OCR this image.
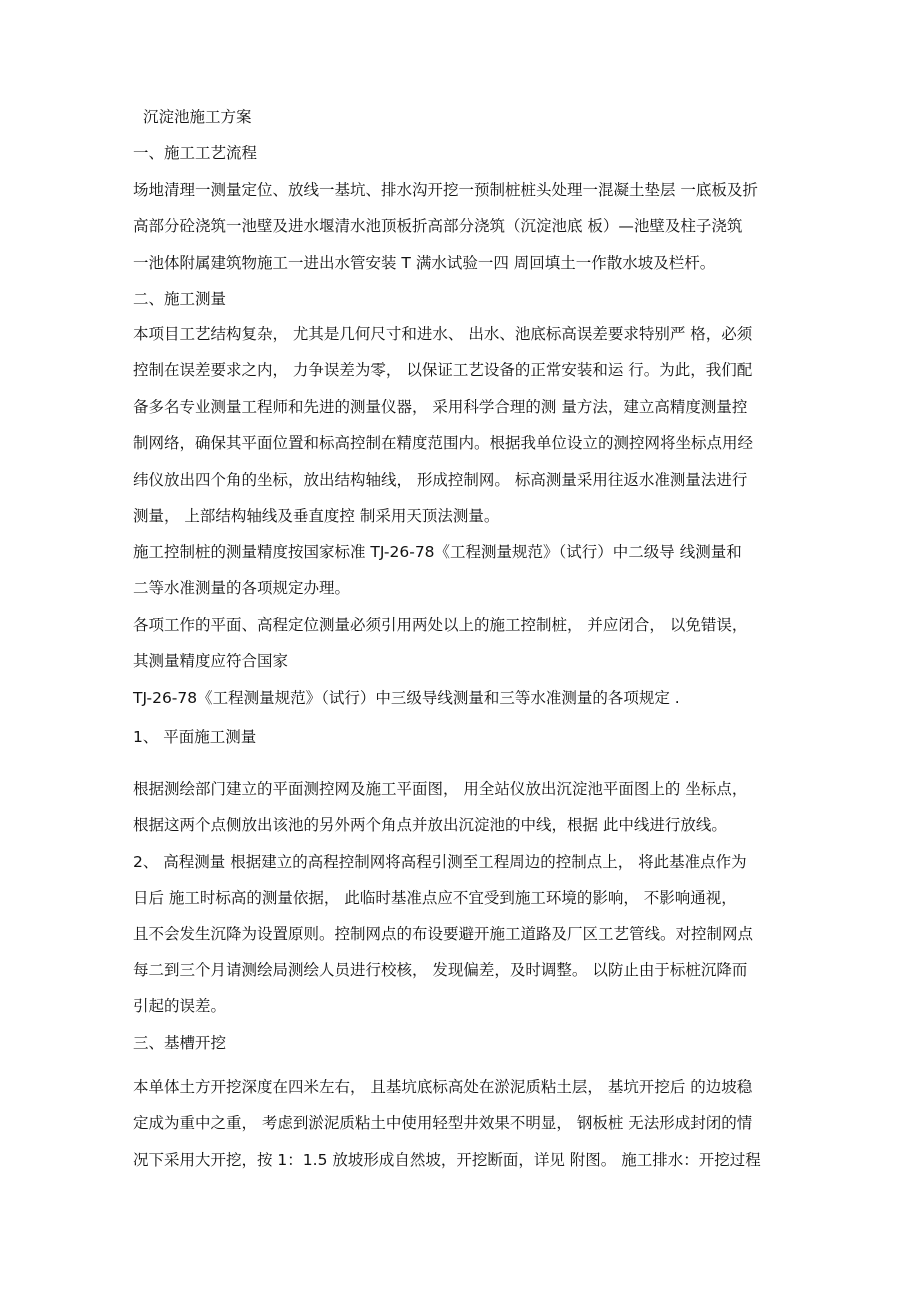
沉淀池施工方案

一、施工工艺流程

场地清理一测量定位、放线一基坑、排水沟开挖一预制桩桩头处理一混凝土垫层 一底板及折

高部分砼浇筑一池壁及进水堰清水池顶板折高部分浇筑（沉淀池底 板）—池壁及柱子浇筑

一池体附属建筑物施工一进出水管安装 T 满水试验一四 周回填土一作散水坡及栏杆。

二、施工测量

本项目工艺结构复杂， 尤其是几何尺寸和进水、 出水、池底标高误差要求特别严 格，必须

控制在误差要求之内， 力争误差为零， 以保证工艺设备的正常安装和运 行。为此，我们配

备多名专业测量工程师和先进的测量仪器， 采用科学合理的测 量方法，建立高精度测量控

制网络，确保其平面位置和标高控制在精度范围内。根据我单位设立的测控网将坐标点用经

纬仪放出四个角的坐标，放出结构轴线， 形成控制网。 标高测量采用往返水准测量法进行

测量， 上部结构轴线及垂直度控 制采用天顶法测量。

施工控制桩的测量精度按国家标准 TJ-26-78《工程测量规范》（试行）中二级导 线测量和

二等水准测量的各项规定办理。

各项工作的平面、高程定位测量必须引用两处以上的施工控制桩， 并应闭合， 以免错误，

其测量精度应符合国家

TJ-26-78《工程测量规范》（试行）中三级导线测量和三等水准测量的各项规定 .

1、 平面施工测量

根据测绘部门建立的平面测控网及施工平面图， 用全站仪放出沉淀池平面图上的 坐标点，

根据这两个点侧放出该池的另外两个角点并放出沉淀池的中线，根据 此中线进行放线。

2、 高程测量 根据建立的高程控制网将高程引测至工程周边的控制点上， 将此基准点作为

日后 施工时标高的测量依据， 此临时基准点应不宜受到施工环境的影响， 不影响通视，

且不会发生沉降为设置原则。控制网点的布设要避开施工道路及厂区工艺管线。对控制网点

每二到三个月请测绘局测绘人员进行校核， 发现偏差，及时调整。 以防止由于标桩沉降而

引起的误差。

三、基槽开挖

本单体土方开挖深度在四米左右， 且基坑底标高处在淤泥质粘土层， 基坑开挖后 的边坡稳

定成为重中之重， 考虑到淤泥质粘土中使用轻型井效果不明显， 钢板桩 无法形成封闭的情

况下采用大开挖，按 1：1.5 放坡形成自然坡，开挖断面，详见 附图。 施工排水：开挖过程
